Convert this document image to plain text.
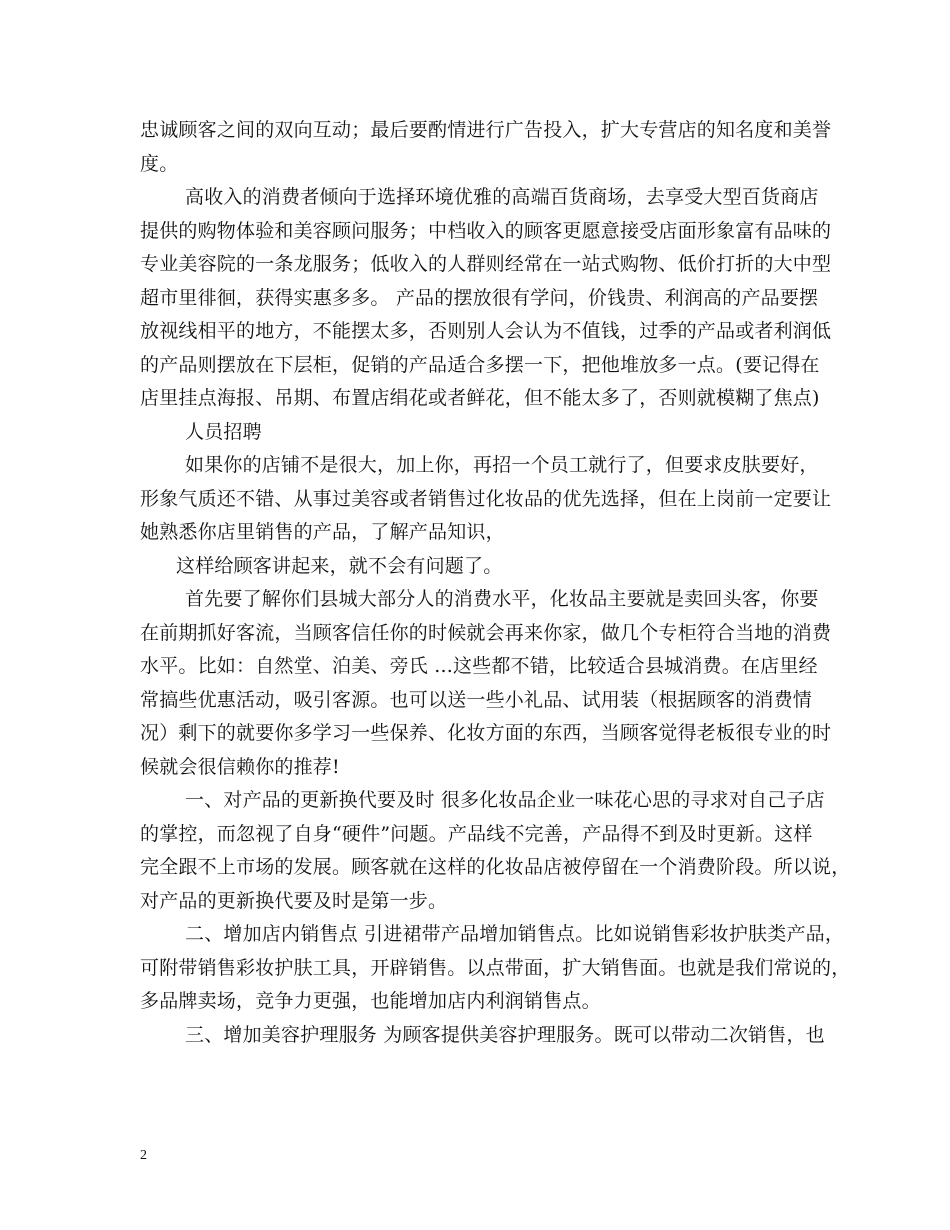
忠诚顾客之间的双向互动；最后要酌情进行广告投入，扩大专营店的知名度和美誉
度。
高收入的消费者倾向于选择环境优雅的高端百货商场，去享受大型百货商店
提供的购物体验和美容顾问服务；中档收入的顾客更愿意接受店面形象富有品味的
专业美容院的一条龙服务；低收入的人群则经常在一站式购物、低价打折的大中型
超市里徘徊，获得实惠多多。 产品的摆放很有学问，价钱贵、利润高的产品要摆
放视线相平的地方，不能摆太多，否则别人会认为不值钱，过季的产品或者利润低
的产品则摆放在下层柜，促销的产品适合多摆一下，把他堆放多一点。(要记得在
店里挂点海报、吊期、布置店绢花或者鲜花，但不能太多了，否则就模糊了焦点)
人员招聘
如果你的店铺不是很大，加上你，再招一个员工就行了，但要求皮肤要好，
形象气质还不错、从事过美容或者销售过化妆品的优先选择，但在上岗前一定要让
她熟悉你店里销售的产品，了解产品知识，
这样给顾客讲起来，就不会有问题了。
首先要了解你们县城大部分人的消费水平，化妆品主要就是卖回头客，你要
在前期抓好客流，当顾客信任你的时候就会再来你家，做几个专柜符合当地的消费
水平。比如：自然堂、泊美、旁氏 ...这些都不错，比较适合县城消费。在店里经
常搞些优惠活动，吸引客源。也可以送一些小礼品、试用装（根据顾客的消费情
况）剩下的就要你多学习一些保养、化妆方面的东西，当顾客觉得老板很专业的时
候就会很信赖你的推荐!
一、对产品的更新换代要及时 很多化妆品企业一味花心思的寻求对自己子店
的掌控，而忽视了自身“硬件”问题。产品线不完善，产品得不到及时更新。这样
完全跟不上市场的发展。顾客就在这样的化妆品店被停留在一个消费阶段。所以说，
对产品的更新换代要及时是第一步。
二、增加店内销售点 引进裙带产品增加销售点。比如说销售彩妆护肤类产品，
可附带销售彩妆护肤工具，开辟销售。以点带面，扩大销售面。也就是我们常说的，
多品牌卖场，竞争力更强，也能增加店内利润销售点。
三、增加美容护理服务 为顾客提供美容护理服务。既可以带动二次销售，也
2
